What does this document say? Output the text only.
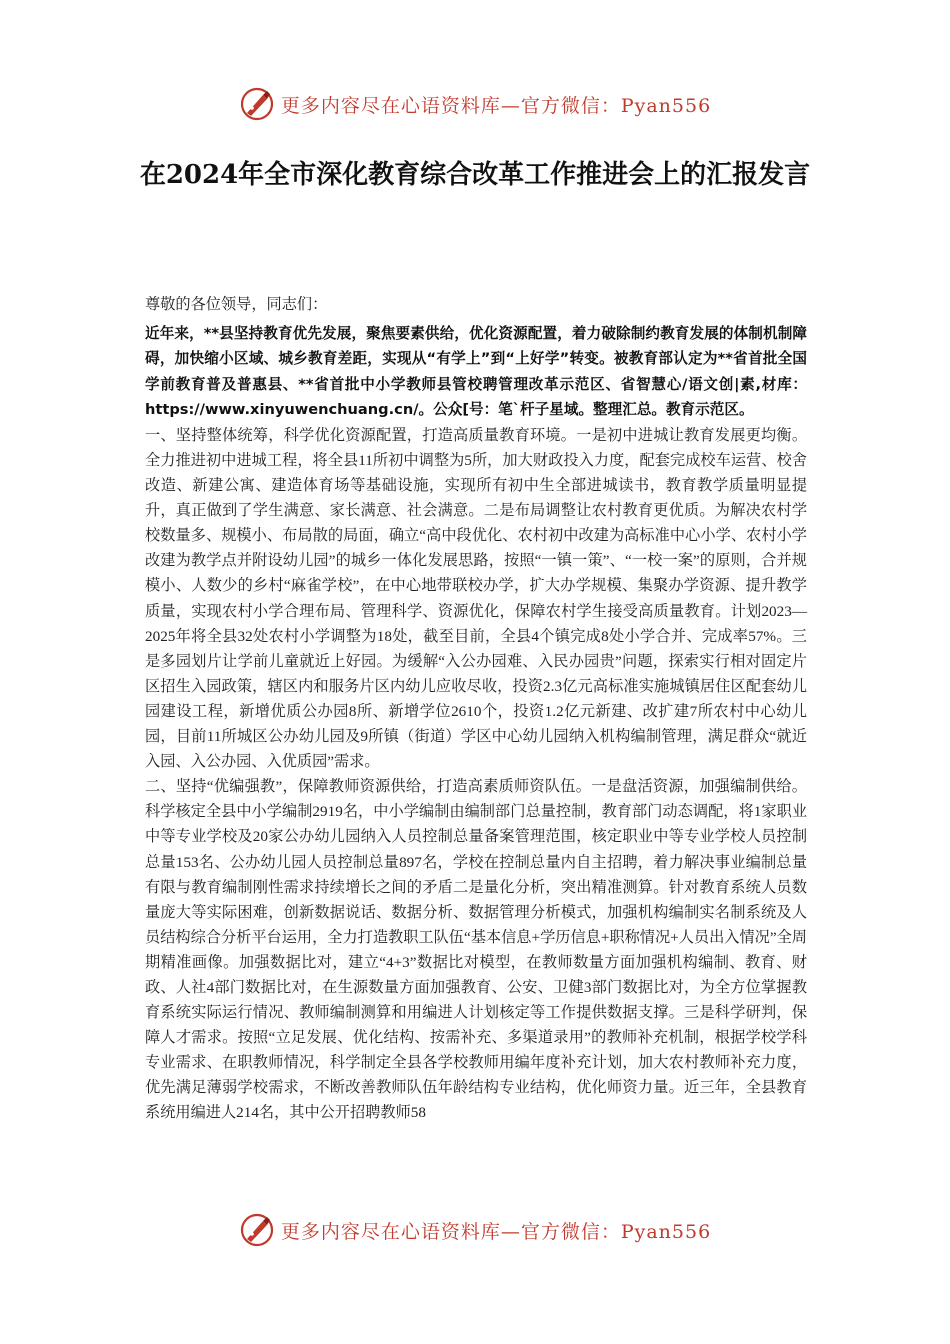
更多内容尽在心语资料库—官方微信：Pyan556
在2024年全市深化教育综合改革工作推进会上的汇报发言

尊敬的各位领导，同志们：

近年来，**县坚持教育优先发展，聚焦要素供给，优化资源配置，着力破除制约教育发展的体制机制障碍，加快缩小区域、城乡教育差距，实现从“有学上”到“上好学”转变。被教育部认定为**省首批全国学前教育普及普惠县、**省首批中小学教师县管校聘管理改革示范区、省智慧心/语文创|素,材库：https://www.xinyuwenchuang.cn/。公众[号：笔`杆子星域。整理汇总。教育示范区。

一、坚持整体统筹，科学优化资源配置，打造高质量教育环境。一是初中进城让教育发展更均衡。全力推进初中进城工程，将全县11所初中调整为5所，加大财政投入力度，配套完成校车运营、校舍改造、新建公寓、建造体育场等基础设施，实现所有初中生全部进城读书，教育教学质量明显提升，真正做到了学生满意、家长满意、社会满意。二是布局调整让农村教育更优质。为解决农村学校数量多、规模小、布局散的局面，确立“高中段优化、农村初中改建为高标准中心小学、农村小学改建为教学点并附设幼儿园”的城乡一体化发展思路，按照“一镇一策”、“一校一案”的原则，合并规模小、人数少的乡村“麻雀学校”，在中心地带联校办学，扩大办学规模、集聚办学资源、提升教学质量，实现农村小学合理布局、管理科学、资源优化，保障农村学生接受高质量教育。计划2023—2025年将全县32处农村小学调整为18处，截至目前，全县4个镇完成8处小学合并、完成率57%。三是多园划片让学前儿童就近上好园。为缓解“入公办园难、入民办园贵”问题，探索实行相对固定片区招生入园政策，辖区内和服务片区内幼儿应收尽收，投资2.3亿元高标准实施城镇居住区配套幼儿园建设工程，新增优质公办园8所、新增学位2610个，投资1.2亿元新建、改扩建7所农村中心幼儿园，目前11所城区公办幼儿园及9所镇（街道）学区中心幼儿园纳入机构编制管理，满足群众“就近入园、入公办园、入优质园”需求。

二、坚持“优编强教”，保障教师资源供给，打造高素质师资队伍。一是盘活资源，加强编制供给。科学核定全县中小学编制2919名，中小学编制由编制部门总量控制，教育部门动态调配，将1家职业中等专业学校及20家公办幼儿园纳入人员控制总量备案管理范围，核定职业中等专业学校人员控制总量153名、公办幼儿园人员控制总量897名，学校在控制总量内自主招聘，着力解决事业编制总量有限与教育编制刚性需求持续增长之间的矛盾二是量化分析，突出精准测算。针对教育系统人员数量庞大等实际困难，创新数据说话、数据分析、数据管理分析模式，加强机构编制实名制系统及人员结构综合分析平台运用，全力打造教职工队伍“基本信息+学历信息+职称情况+人员出入情况”全周期精准画像。加强数据比对，建立“4+3”数据比对模型，在教师数量方面加强机构编制、教育、财政、人社4部门数据比对，在生源数量方面加强教育、公安、卫健3部门数据比对，为全方位掌握教育系统实际运行情况、教师编制测算和用编进人计划核定等工作提供数据支撑。三是科学研判，保障人才需求。按照“立足发展、优化结构、按需补充、多渠道录用”的教师补充机制，根据学校学科专业需求、在职教师情况，科学制定全县各学校教师用编年度补充计划，加大农村教师补充力度，优先满足薄弱学校需求，不断改善教师队伍年龄结构专业结构，优化师资力量。近三年，全县教育系统用编进人214名，其中公开招聘教师58

更多内容尽在心语资料库—官方微信：Pyan556
